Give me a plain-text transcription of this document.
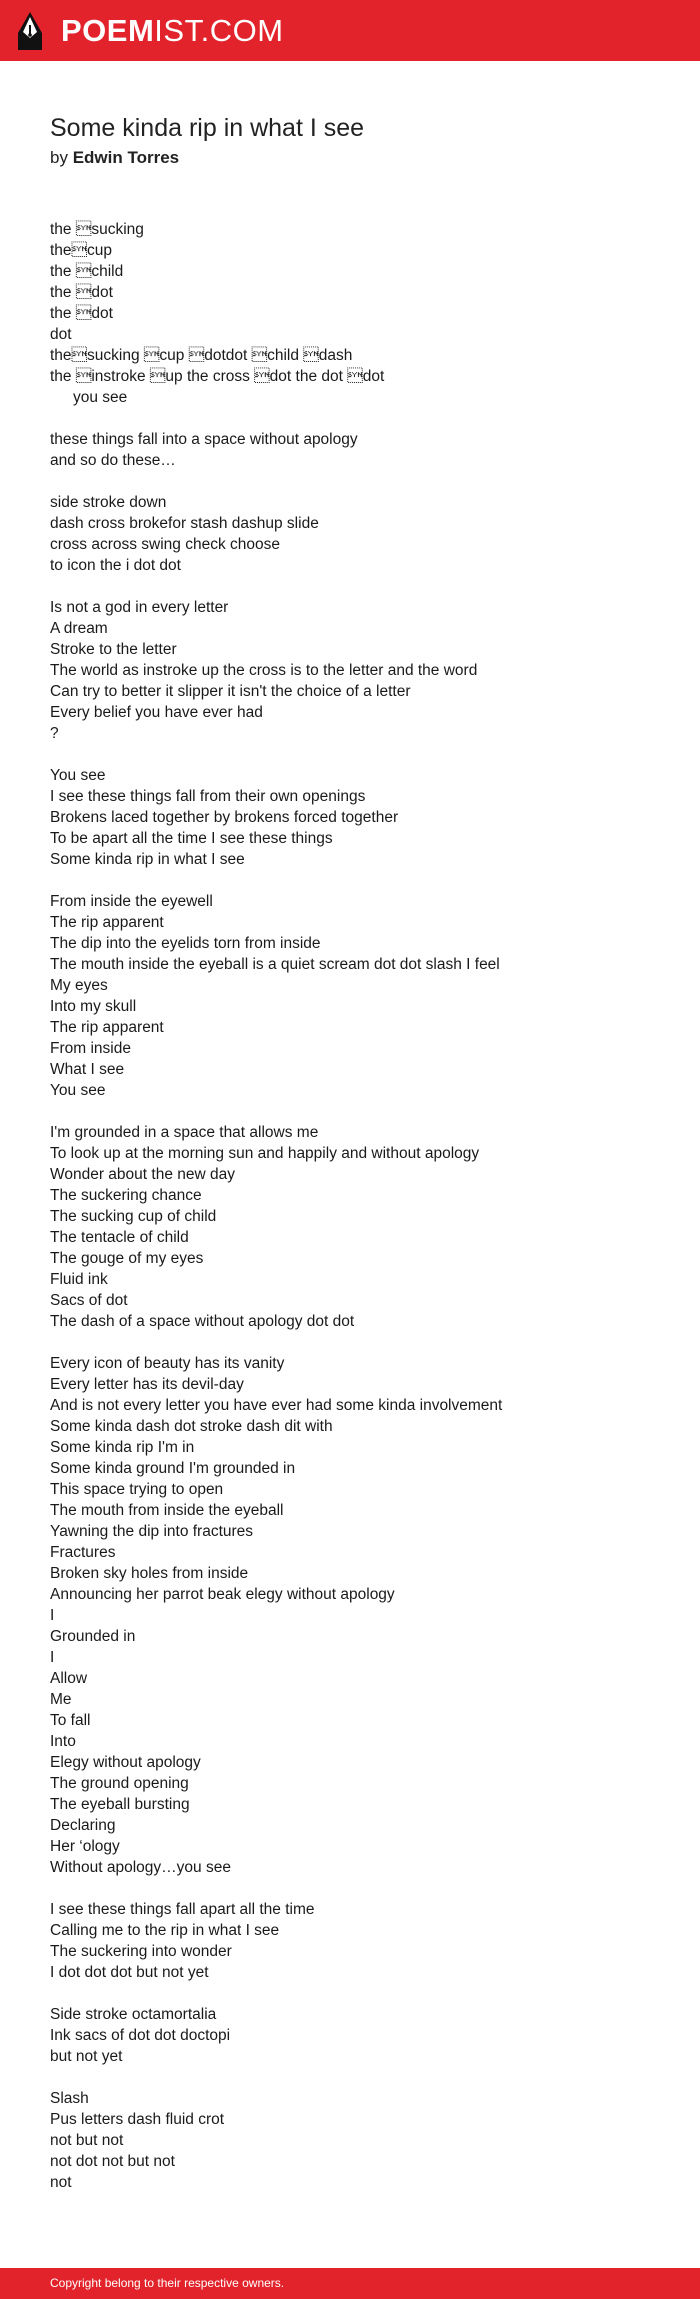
POEMIST.COM
Some kinda rip in what I see
by Edwin Torres
the sucking
thecup
the child
the dot
the dot
dot
thesucking cup dotdot child dash
the instroke up the cross dot the dot dot
you see
these things fall into a space without apology
and so do these…
side stroke down
dash cross brokefor stash dashup slide
cross across swing check choose
to icon the i dot dot
Is not a god in every letter
A dream
Stroke to the letter
The world as instroke up the cross is to the letter and the word
Can try to better it slipper it isn't the choice of a letter
Every belief you have ever had
?
You see
I see these things fall from their own openings
Brokens laced together by brokens forced together
To be apart all the time I see these things
Some kinda rip in what I see
From inside the eyewell
The rip apparent
The dip into the eyelids torn from inside
The mouth inside the eyeball is a quiet scream dot dot slash I feel
My eyes
Into my skull
The rip apparent
From inside
What I see
You see
I'm grounded in a space that allows me
To look up at the morning sun and happily and without apology
Wonder about the new day
The suckering chance
The sucking cup of child
The tentacle of child
The gouge of my eyes
Fluid ink
Sacs of dot
The dash of a space without apology dot dot
Every icon of beauty has its vanity
Every letter has its devil-day
And is not every letter you have ever had some kinda involvement
Some kinda dash dot stroke dash dit with
Some kinda rip I'm in
Some kinda ground I'm grounded in
This space trying to open
The mouth from inside the eyeball
Yawning the dip into fractures
Fractures
Broken sky holes from inside
Announcing her parrot beak elegy without apology
I
Grounded in
I
Allow
Me
To fall
Into
Elegy without apology
The ground opening
The eyeball bursting
Declaring
Her ‘ology
Without apology…you see
I see these things fall apart all the time
Calling me to the rip in what I see
The suckering into wonder
I dot dot dot but not yet
Side stroke octamortalia
Ink sacs of dot dot doctopi
but not yet
Slash
Pus letters dash fluid crot
not but not
not dot not but not
not
Copyright belong to their respective owners.
